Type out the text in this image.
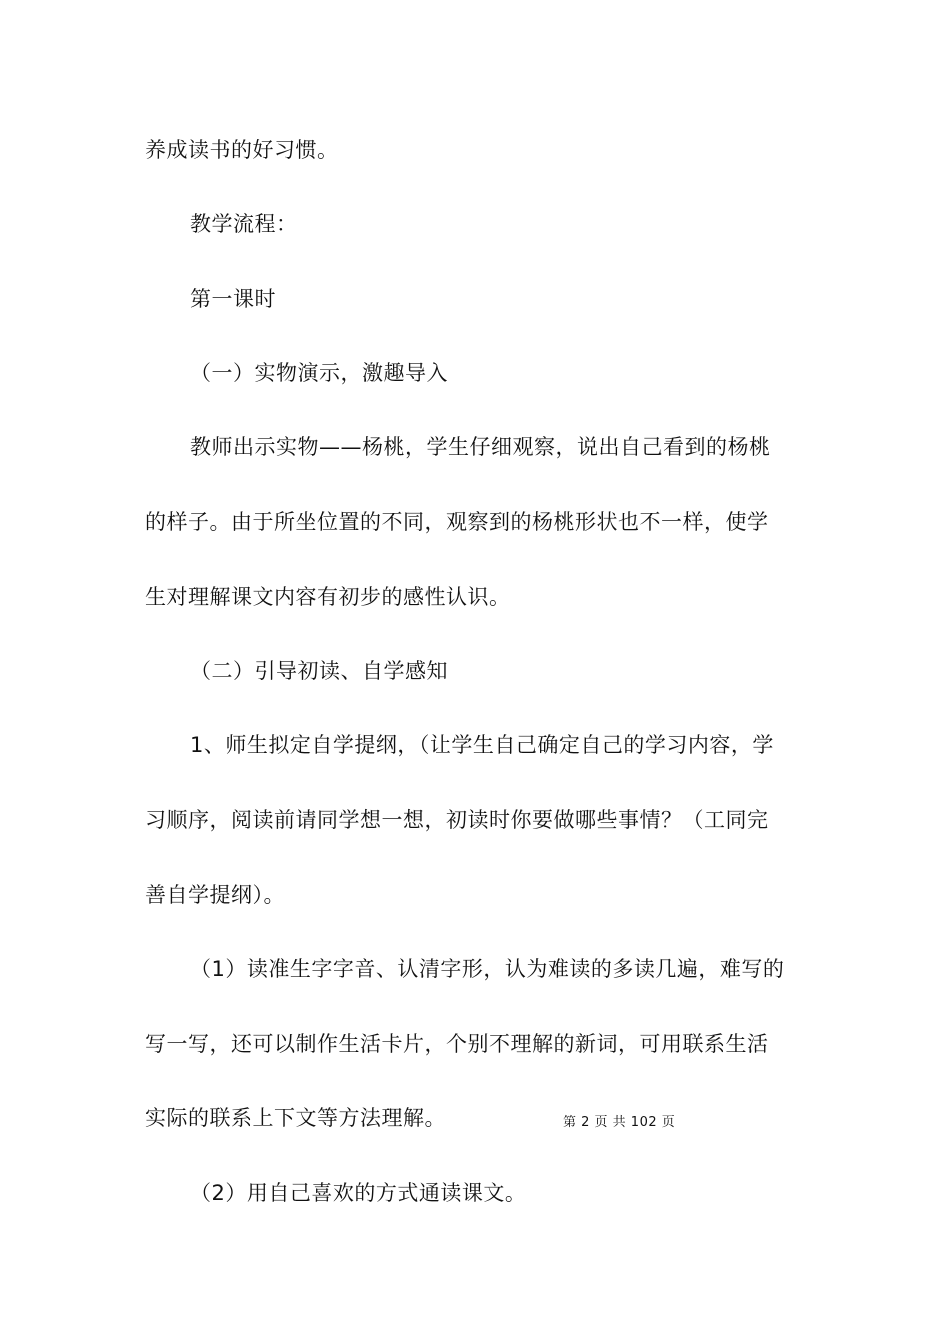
养成读书的好习惯。
教学流程：
第一课时
（一）实物演示，激趣导入
教师出示实物——杨桃，学生仔细观察，说出自己看到的杨桃
的样子。由于所坐位置的不同，观察到的杨桃形状也不一样，使学
生对理解课文内容有初步的感性认识。
（二）引导初读、自学感知
1、师生拟定自学提纲，（让学生自己确定自己的学习内容，学
习顺序，阅读前请同学想一想，初读时你要做哪些事情？（工同完
善自学提纲）。
（1）读准生字字音、认清字形，认为难读的多读几遍，难写的
写一写，还可以制作生活卡片，个别不理解的新词，可用联系生活
实际的联系上下文等方法理解。	第 2 页 共 102 页
（2）用自己喜欢的方式通读课文。
